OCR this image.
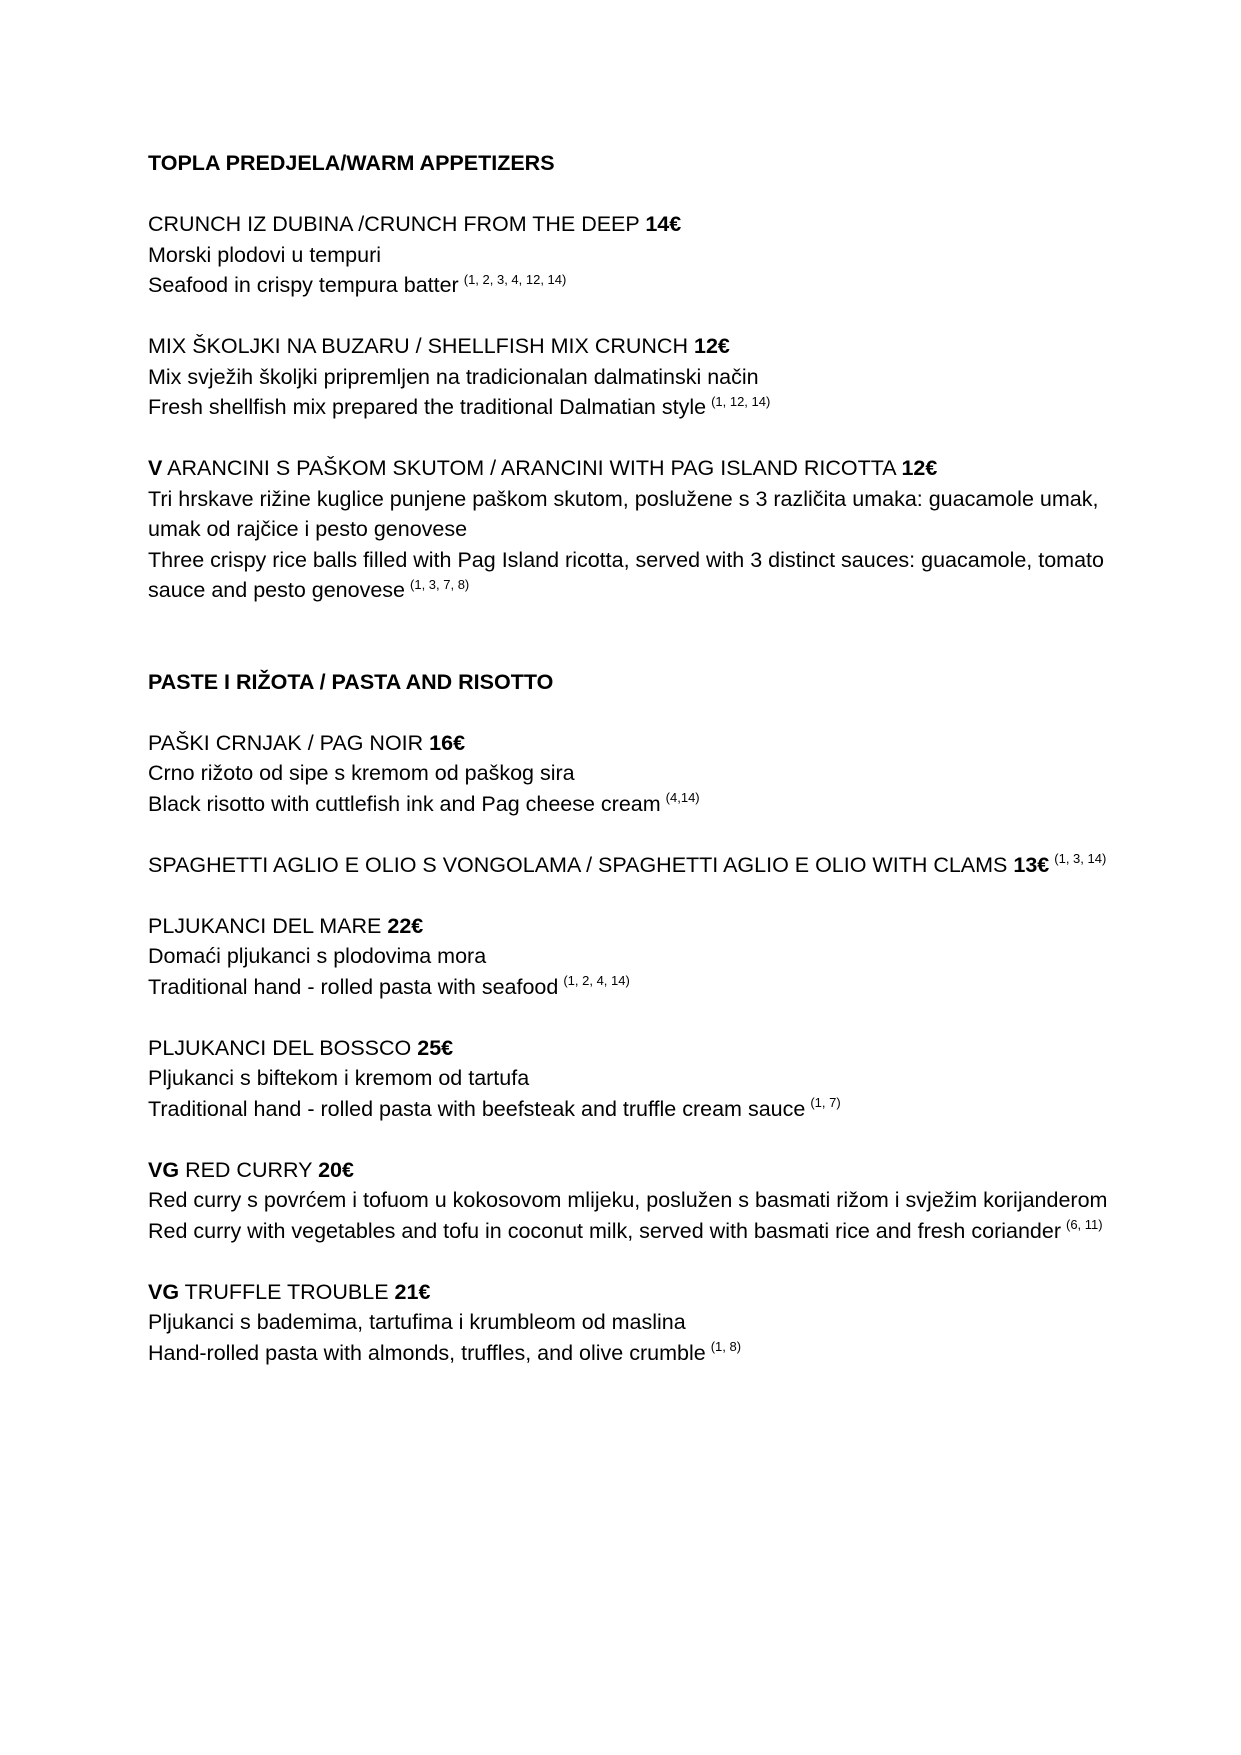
TOPLA PREDJELA/WARM APPETIZERS

CRUNCH IZ DUBINA /CRUNCH FROM THE DEEP 14€

Morski plodovi u tempuri

Seafood in crispy tempura batter $^{(1, 2, 3, 4, 12, 14)}$

MIX ŠKOLJKI NA BUZARU / SHELLFISH MIX CRUNCH 12€

Mix svježih školjki pripremljen na tradicionalan dalmatinski način

Fresh shellfish mix prepared the traditional Dalmatian style $^{(1, 12, 14)}$

V ARANCINI S PAŠKOM SKUTOM / ARANCINI WITH PAG ISLAND RICOTTA 12€

Tri hrskave rižine kuglice punjene paškom skutom, poslužene s 3 različita umaka: guacamole umak, umak od rajčice i pesto genovese

Three crispy rice balls filled with Pag Island ricotta, served with 3 distinct sauces: guacamole, tomato sauce and pesto genovese $^{(1, 3, 7, 8)}$

PASTE I RIŽOTA / PASTA AND RISOTTO

PAŠKI CRNJAK / PAG NOIR 16€

Crno rižoto od sipe s kremom od paškog sira

Black risotto with cuttlefish ink and Pag cheese cream $^{(4,14)}$

SPAGHETTI AGLIO E OLIO S VONGOLAMA / SPAGHETTI AGLIO E OLIO WITH CLAMS 13€ $^{(1, 3, 14)}$

PLJUKANCI DEL MARE 22€

Domaći pljukanci s plodovima mora

Traditional hand - rolled pasta with seafood $^{(1, 2, 4, 14)}$

PLJUKANCI DEL BOSSCO 25€

Pljukanci s biftekom i kremom od tartufa

Traditional hand - rolled pasta with beefsteak and truffle cream sauce $^{(1, 7)}$

VG RED CURRY 20€

Red curry s povrćem i tofuom u kokosovom mlijeku, poslužen s basmati rižom i svježim korijanderom

Red curry with vegetables and tofu in coconut milk, served with basmati rice and fresh coriander $^{(6, 11)}$

VG TRUFFLE TROUBLE 21€

Pljukanci s bademima, tartufima i krumbleom od maslina

Hand-rolled pasta with almonds, truffles, and olive crumble $^{(1, 8)}$
